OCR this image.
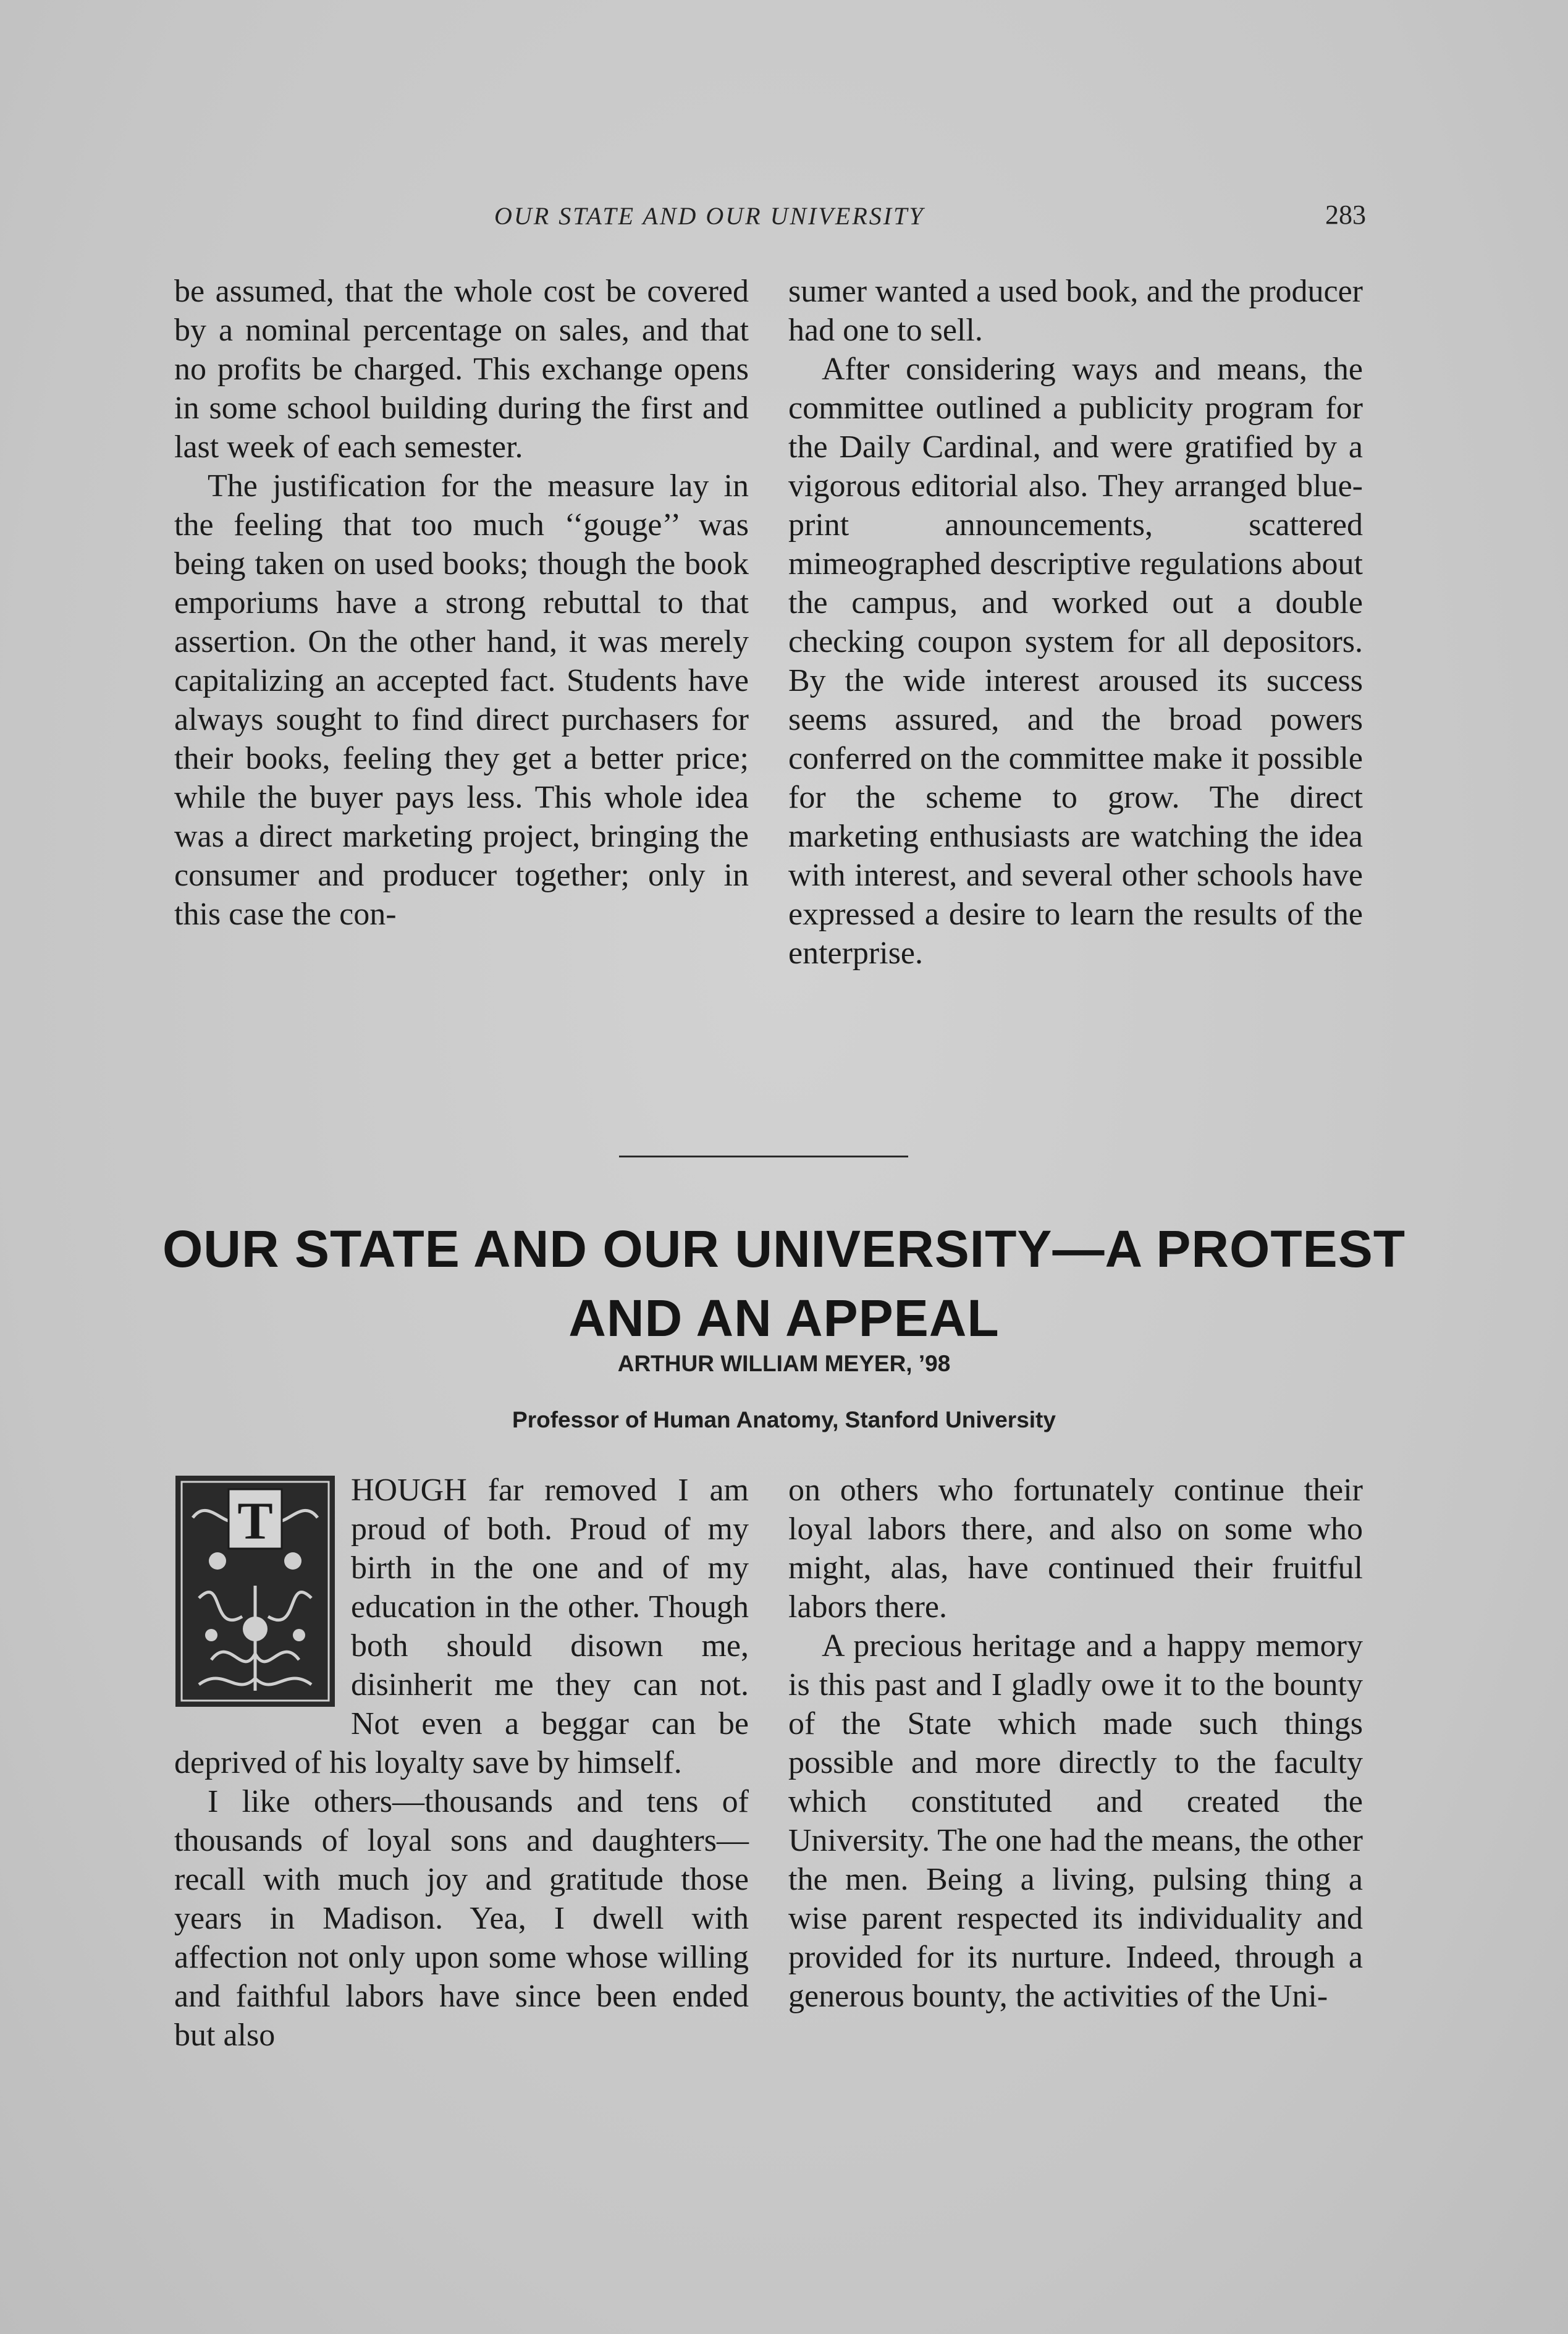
OUR STATE AND OUR UNIVERSITY	283

be assumed, that the whole cost be covered by a nominal percentage on sales, and that no profits be charged. This exchange opens in some school building during the first and last week of each semester.

The justification for the measure lay in the feeling that too much ‘‘gouge’’ was being taken on used books; though the book emporiums have a strong rebuttal to that assertion. On the other hand, it was merely capitalizing an accepted fact. Students have always sought to find direct purchasers for their books, feeling they get a better price; while the buyer pays less. This whole idea was a direct marketing project, bringing the consumer and producer together; only in this case the con-

sumer wanted a used book, and the producer had one to sell.

After considering ways and means, the committee outlined a publicity program for the Daily Cardinal, and were gratified by a vigorous editorial also. They arranged blue-print announcements, scattered mimeographed descriptive regulations about the campus, and worked out a double checking coupon system for all depositors. By the wide interest aroused its success seems assured, and the broad powers conferred on the committee make it possible for the scheme to grow. The direct marketing enthusiasts are watching the idea with interest, and several other schools have expressed a desire to learn the results of the enterprise.

OUR STATE AND OUR UNIVERSITY—A PROTEST AND AN APPEAL
ARTHUR WILLIAM MEYER, ’98
Professor of Human Anatomy, Stanford University
T

HOUGH far removed I am proud of both. Proud of my birth in the one and of my education in the other. Though both should disown me, disinherit me they can not. Not even a beggar can be deprived of his loyalty save by himself.

I like others—thousands and tens of thousands of loyal sons and daughters—recall with much joy and gratitude those years in Madison. Yea, I dwell with affection not only upon some whose willing and faithful labors have since been ended but also

on others who fortunately continue their loyal labors there, and also on some who might, alas, have continued their fruitful labors there.

A precious heritage and a happy memory is this past and I gladly owe it to the bounty of the State which made such things possible and more directly to the faculty which constituted and created the University. The one had the means, the other the men. Being a living, pulsing thing a wise parent respected its individuality and provided for its nurture. Indeed, through a generous bounty, the activities of the Uni-
